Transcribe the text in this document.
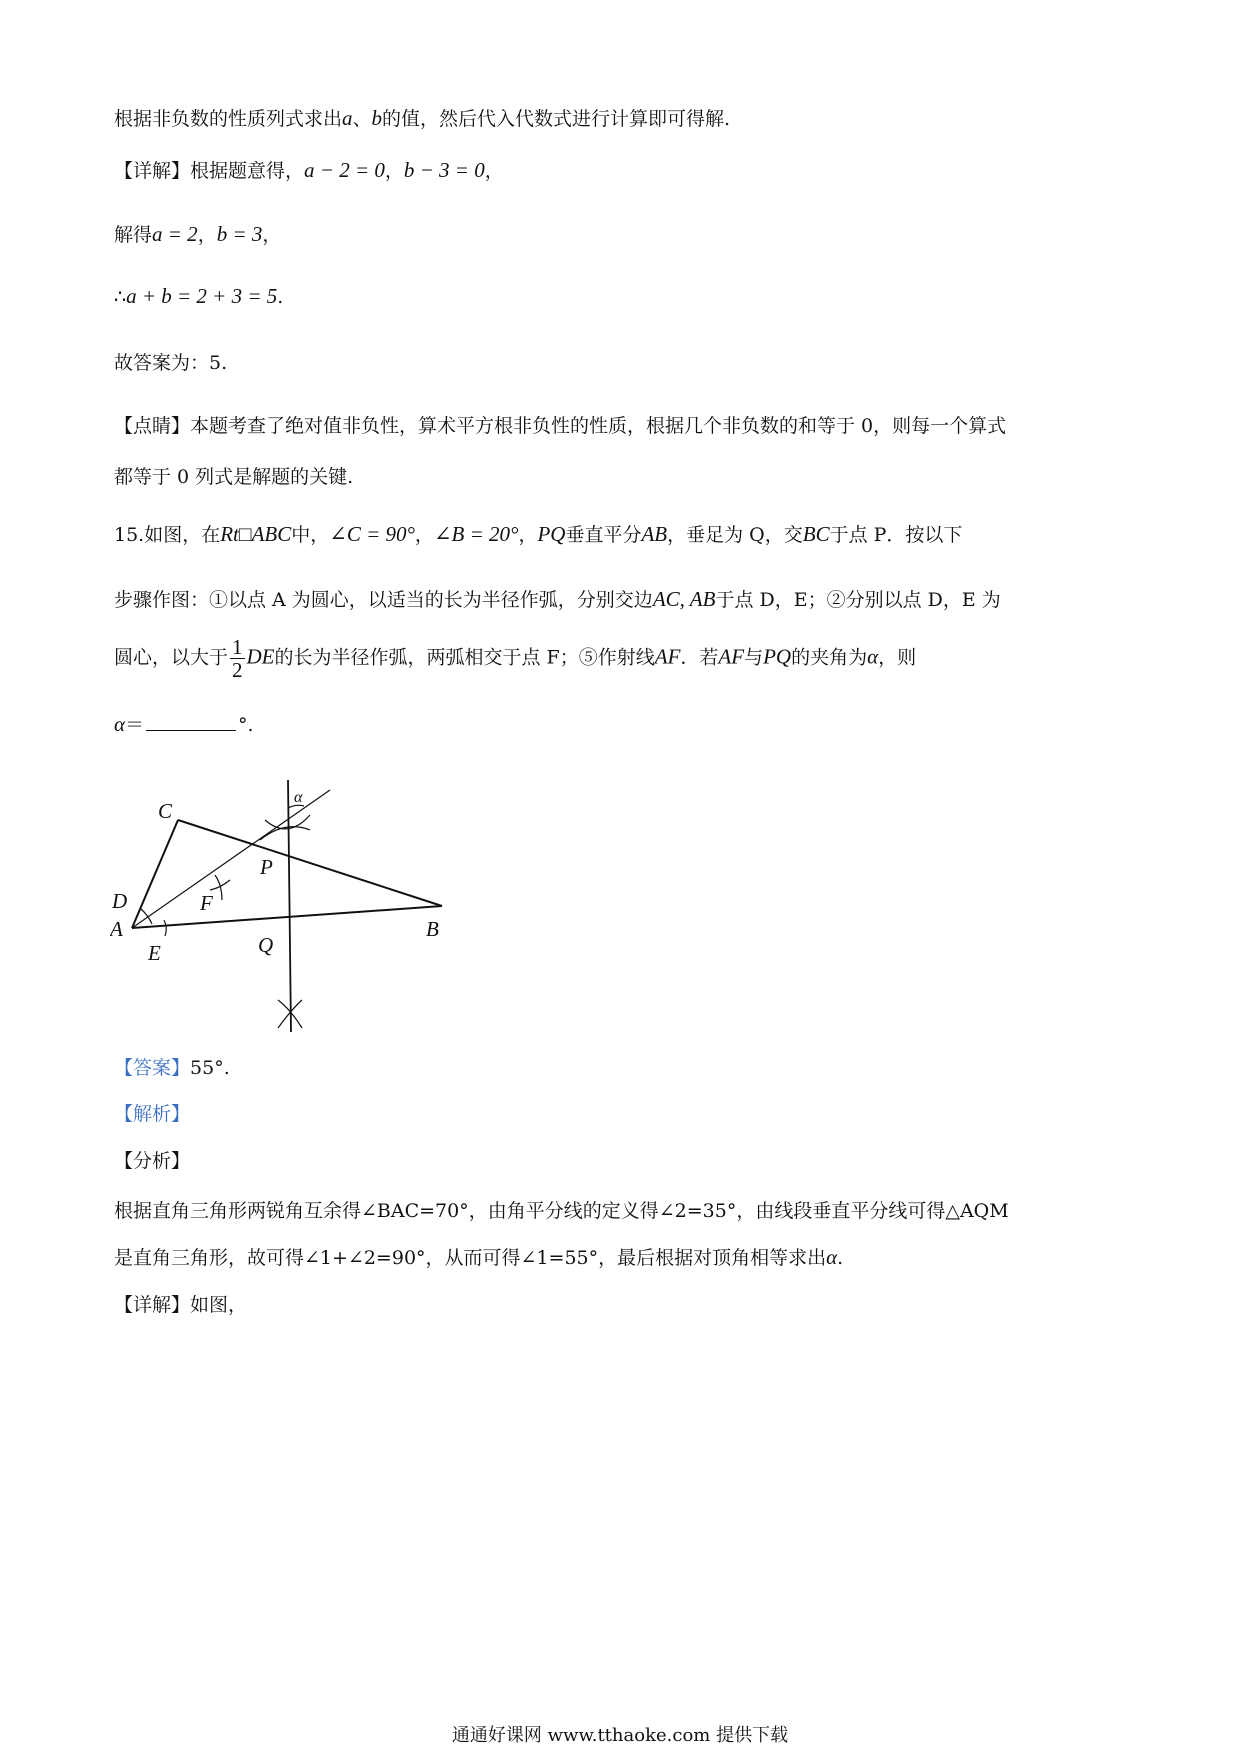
根据非负数的性质列式求出a、b的值，然后代入代数式进行计算即可得解.
【详解】根据题意得，a − 2 = 0，b − 3 = 0，
解得a = 2，b = 3，
∴a + b = 2 + 3 = 5.
故答案为：5.
【点睛】本题考查了绝对值非负性，算术平方根非负性的性质，根据几个非负数的和等于 0，则每一个算式
都等于 0 列式是解题的关键.
15.如图，在Rt□ABC中，∠C = 90°，∠B = 20°，PQ垂直平分AB，垂足为 Q，交BC于点 P．按以下
步骤作图：①以点 A 为圆心，以适当的长为半径作弧，分别交边AC, AB于点 D，E；②分别以点 D，E 为
圆心，以大于 $\frac{1}{2}$ DE的长为半径作弧，两弧相交于点 F；⑤作射线AF．若AF与PQ的夹角为α，则
α＝	°.
C
D
A
E
F
P
Q
B
α
【答案】55°.
【解析】
【分析】
根据直角三角形两锐角互余得∠BAC=70°，由角平分线的定义得∠2=35°，由线段垂直平分线可得△AQM
是直角三角形，故可得∠1+∠2=90°，从而可得∠1=55°，最后根据对顶角相等求出α.
【详解】如图，
通通好课网 www.tthaoke.com 提供下载
